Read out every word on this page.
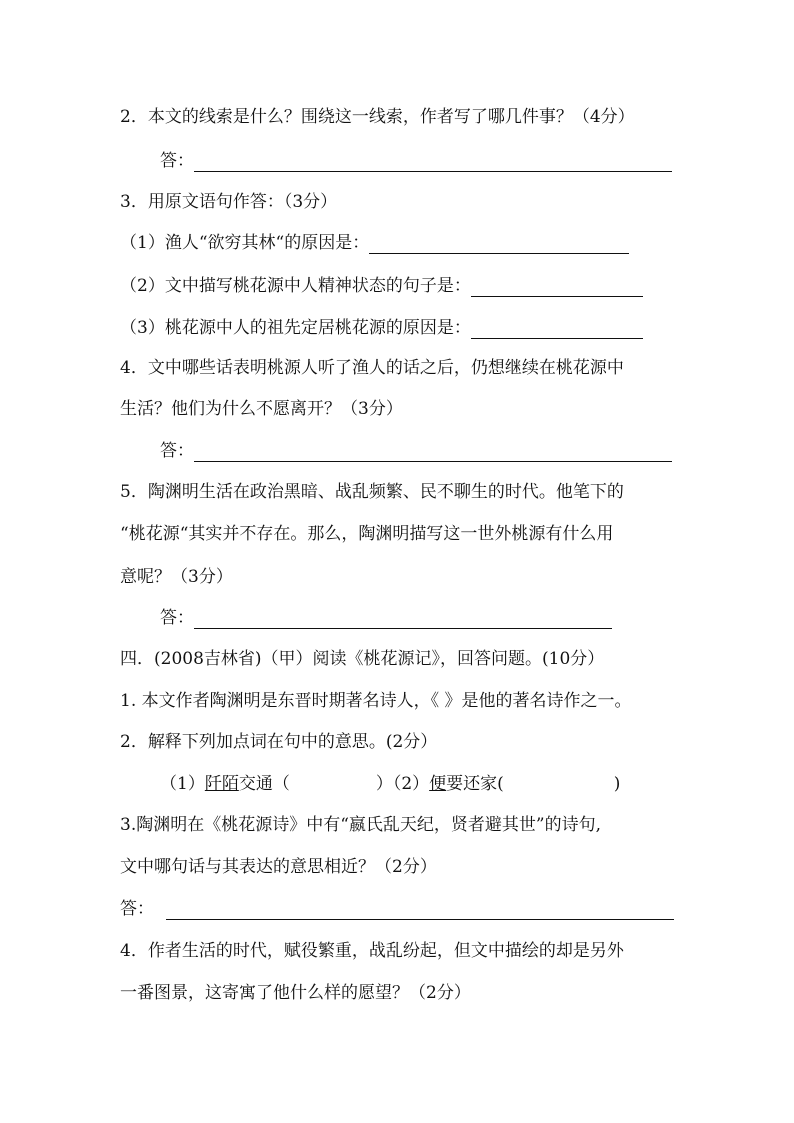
2．本文的线索是什么？围绕这一线索，作者写了哪几件事？（4分）
答：
3．用原文语句作答：（3分）
（1）渔人“欲穷其林“的原因是：
（2）文中描写桃花源中人精神状态的句子是：
（3）桃花源中人的祖先定居桃花源的原因是：
4．文中哪些话表明桃源人听了渔人的话之后，仍想继续在桃花源中
生活？他们为什么不愿离开？（3分）
答：
5．陶渊明生活在政治黑暗、战乱频繁、民不聊生的时代。他笔下的
“桃花源“其实并不存在。那么，陶渊明描写这一世外桃源有什么用
意呢？（3分）
答：
四．(2008吉林省)（甲）阅读《桃花源记》，回答问题。(10分）
1. 本文作者陶渊明是东晋时期著名诗人，《 》是他的著名诗作之一。
2．解释下列加点词在句中的意思。(2分）
（1）阡陌交通（	）（2）便要还家(	)
3.陶渊明在《桃花源诗》中有“嬴氏乱天纪，贤者避其世”的诗句,
文中哪句话与其表达的意思相近？（2分）
答：
4．作者生活的时代，赋役繁重，战乱纷起，但文中描绘的却是另外
一番图景，这寄寓了他什么样的愿望？（2分）
